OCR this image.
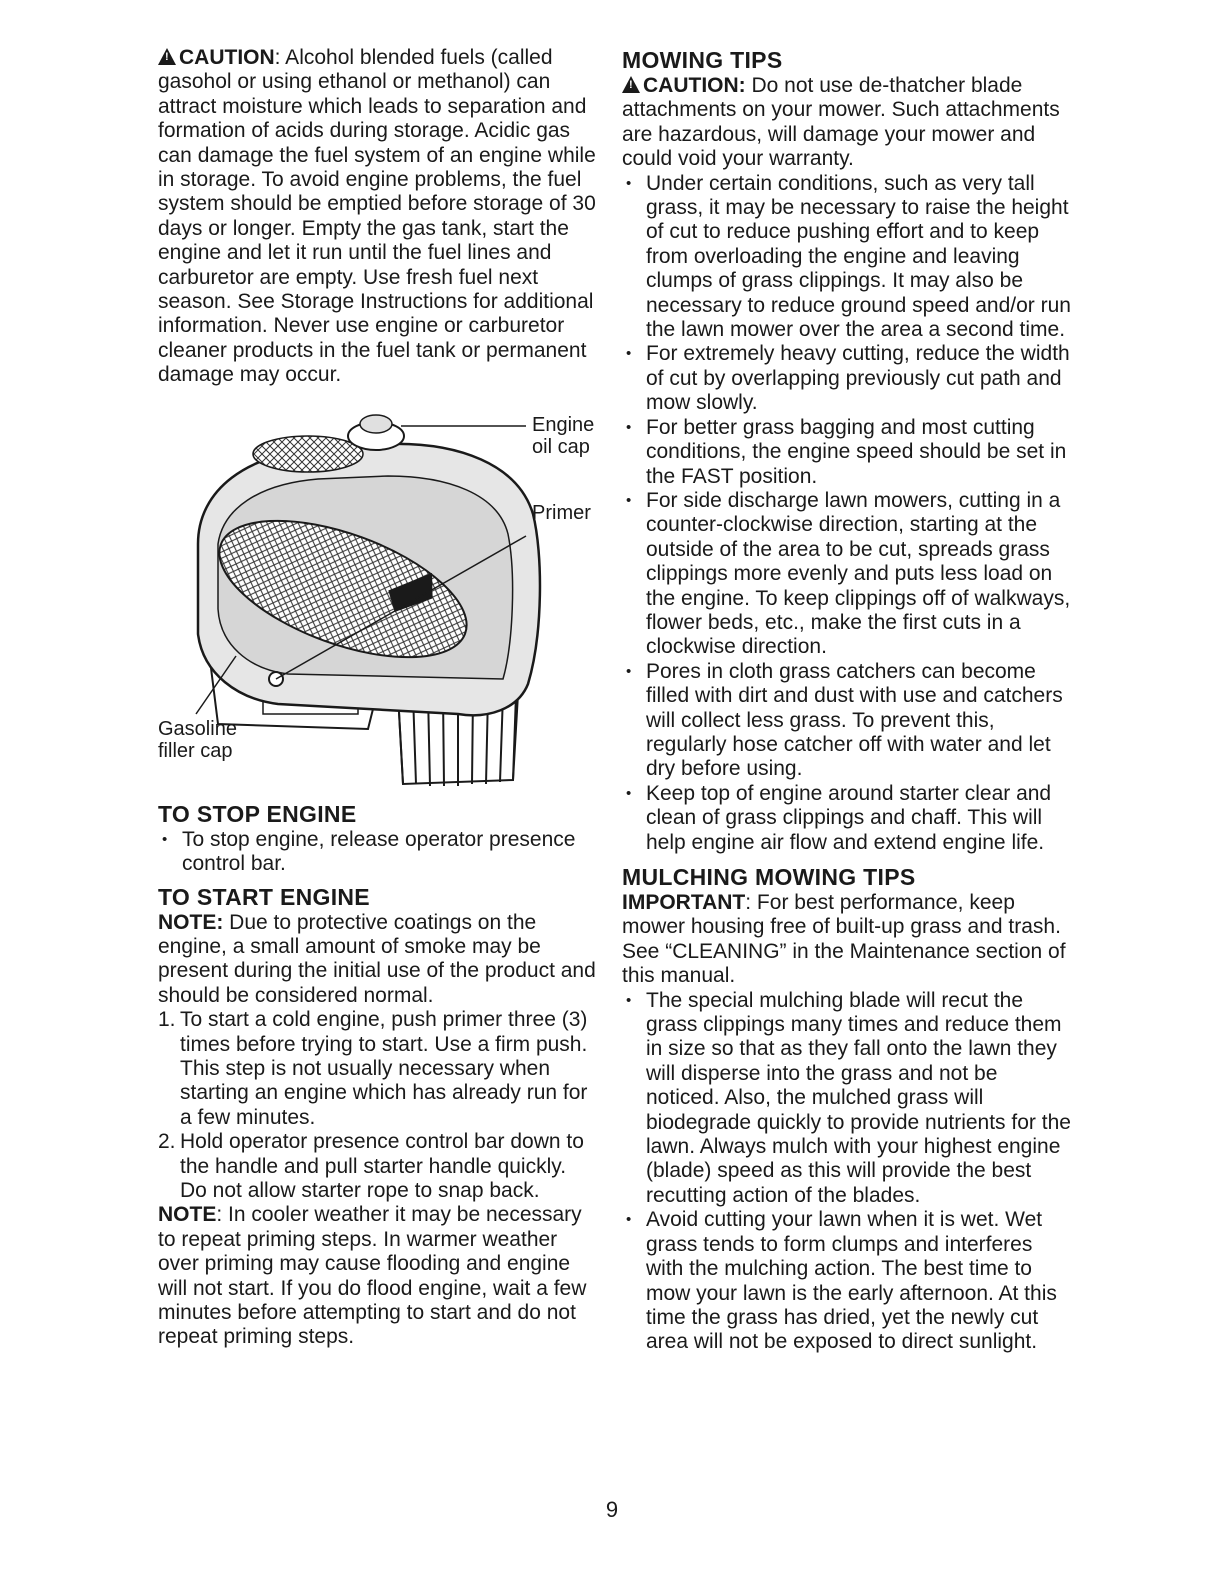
!CAUTION: Alcohol blended fuels (called gasohol or using ethanol or methanol) can attract moisture which leads to separation and formation of acids during storage. Acidic gas can damage the fuel system of an engine while in storage. To avoid engine problems, the fuel system should be emptied before storage of 30 days or longer. Empty the gas tank, start the engine and let it run until the fuel lines and carburetor are empty. Use fresh fuel next season. See Storage Instructions for additional information. Never use engine or carburetor cleaner products in the fuel tank or permanent damage may occur.

Engine oil cap
Primer
Gasoline filler cap
TO STOP ENGINE
• To stop engine, release operator presence control bar.
TO START ENGINE

NOTE: Due to protective coatings on the engine, a small amount of smoke may be present during the initial use of the product and should be considered normal.

1. To start a cold engine, push primer three (3) times before trying to start. Use a firm push. This step is not usually necessary when starting an engine which has already run for a few minutes.
2. Hold operator presence control bar down to the handle and pull starter handle quickly. Do not allow starter rope to snap back.

NOTE: In cooler weather it may be necessary to repeat priming steps. In warmer weather over priming may cause flooding and engine will not start. If you do flood engine, wait a few minutes before attempting to start and do not repeat priming steps.

MOWING TIPS

!CAUTION: Do not use de-thatcher blade attachments on your mower. Such attachments are hazardous, will damage your mower and could void your warranty.

• Under certain conditions, such as very tall grass, it may be necessary to raise the height of cut to reduce pushing effort and to keep from overloading the engine and leaving clumps of grass clippings. It may also be necessary to reduce ground speed and/or run the lawn mower over the area a second time.
• For extremely heavy cutting, reduce the width of cut by overlapping previously cut path and mow slowly.
• For better grass bagging and most cutting conditions, the engine speed should be set in the FAST position.
• For side discharge lawn mowers, cutting in a counter-clockwise direction, starting at the outside of the area to be cut, spreads grass clippings more evenly and puts less load on the engine. To keep clippings off of walkways, flower beds, etc., make the first cuts in a clockwise direction.
• Pores in cloth grass catchers can become filled with dirt and dust with use and catchers will collect less grass. To prevent this, regularly hose catcher off with water and let dry before using.
• Keep top of engine around starter clear and clean of grass clippings and chaff. This will help engine air flow and extend engine life.
MULCHING MOWING TIPS

IMPORTANT: For best performance, keep mower housing free of built-up grass and trash. See “CLEANING” in the Maintenance section of this manual.

• The special mulching blade will recut the grass clippings many times and reduce them in size so that as they fall onto the lawn they will disperse into the grass and not be noticed. Also, the mulched grass will biodegrade quickly to provide nutrients for the lawn. Always mulch with your highest engine (blade) speed as this will provide the best recutting action of the blades.
• Avoid cutting your lawn when it is wet. Wet grass tends to form clumps and interferes with the mulching action. The best time to mow your lawn is the early afternoon. At this time the grass has dried, yet the newly cut area will not be exposed to direct sunlight.
9
